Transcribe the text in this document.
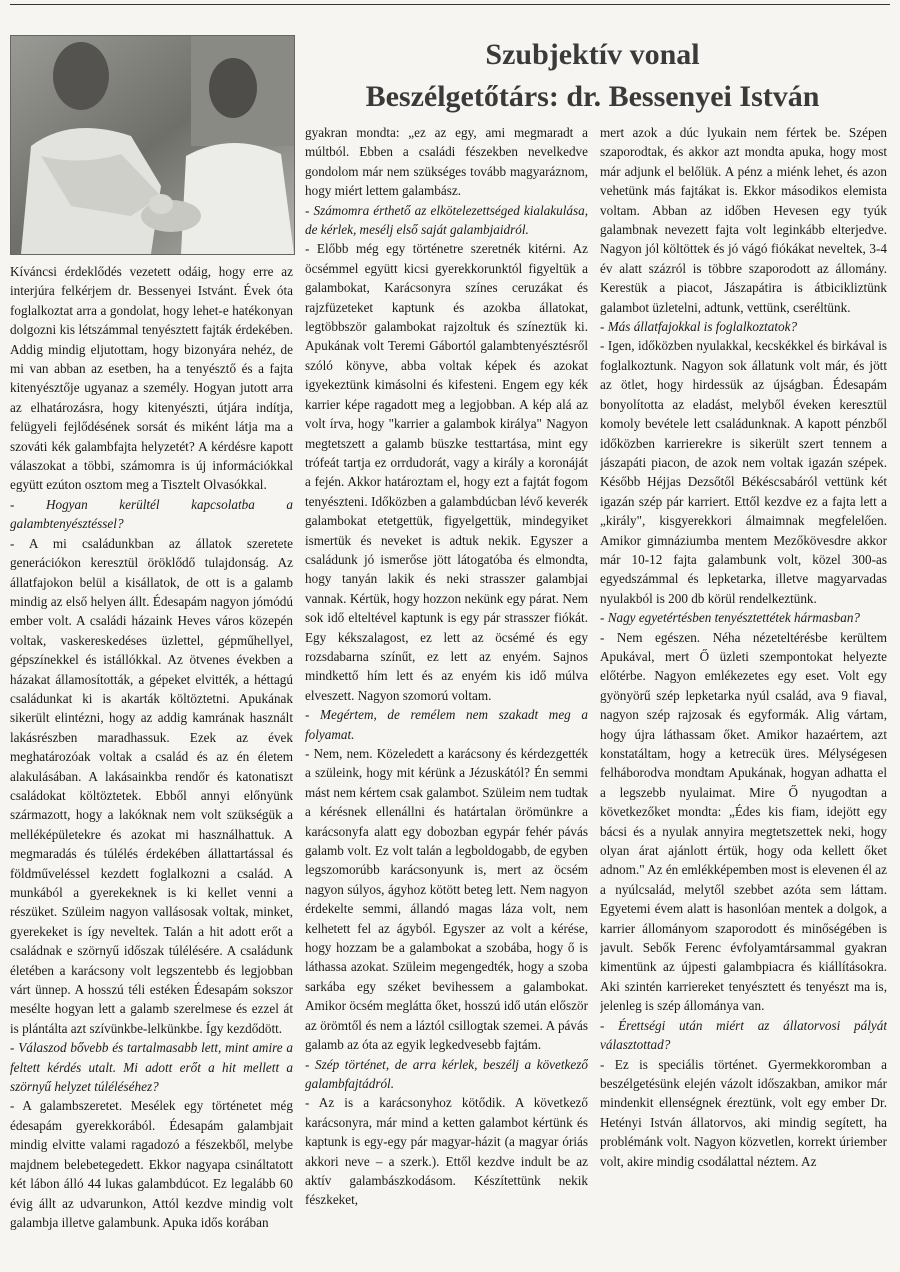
Szubjektív vonal
Beszélgetőtárs: dr. Bessenyei István

Kíváncsi érdeklődés vezetett odáig, hogy erre az interjúra felkérjem dr. Bessenyei Istvánt. Évek óta foglalkoztat arra a gondolat, hogy lehet-e hatékonyan dolgozni kis létszámmal tenyésztett fajták érdekében. Addig mindig eljutottam, hogy bizonyára nehéz, de mi van abban az esetben, ha a tenyésztő és a fajta kitenyésztője ugyanaz a személy. Hogyan jutott arra az elhatározásra, hogy kitenyészti, útjára indítja, felügyeli fejlődésének sorsát és miként látja ma a szováti kék galambfajta helyzetét? A kérdésre kapott válaszokat a többi, számomra is új információkkal együtt ezúton osztom meg a Tisztelt Olvasókkal.

- Hogyan kerültél kapcsolatba a galambtenyésztéssel?

- A mi családunkban az állatok szeretete generációkon keresztül öröklődő tulajdonság. Az állatfajokon belül a kisállatok, de ott is a galamb mindig az első helyen állt. Édesapám nagyon jómódú ember volt. A családi házaink Heves város közepén voltak, vaskereskedéses üzlettel, gépműhellyel, gépszínekkel és istállókkal. Az ötvenes években a házakat államosították, a gépeket elvitték, a héttagú családunkat ki is akarták költöztetni. Apukának sikerült elintézni, hogy az addig kamrának használt lakásrészben maradhassuk. Ezek az évek meghatározóak voltak a család és az én életem alakulásában. A lakásainkba rendőr és katonatiszt családokat költöztetek. Ebből annyi előnyünk származott, hogy a lakóknak nem volt szükségük a melléképületekre és azokat mi használhattuk. A megmaradás és túlélés érdekében állattartással és földműveléssel kezdett foglalkozni a család. A munkából a gyerekeknek is ki kellet venni a részüket. Szüleim nagyon vallásosak voltak, minket, gyerekeket is így neveltek. Talán a hit adott erőt a családnak e szörnyű időszak túlélésére. A családunk életében a karácsony volt legszentebb és legjobban várt ünnep. A hosszú téli estéken Édesapám sokszor mesélte hogyan lett a galamb szerelmese és ezzel át is plántálta azt szívünkbe-lelkünkbe. Így kezdődött.

- Válaszod bővebb és tartalmasabb lett, mint amire a feltett kérdés utalt. Mi adott erőt a hit mellett a szörnyű helyzet túléléséhez?

- A galambszeretet. Mesélek egy történetet még édesapám gyerekkorából. Édesapám galambjait mindig elvitte valami ragadozó a fészekből, melybe majdnem belebetegedett. Ekkor nagyapa csináltatott két lábon álló 44 lukas galambdúcot. Ez legalább 60 évig állt az udvarunkon, Attól kezdve mindig volt galambja illetve galambunk. Apuka idős korában

gyakran mondta: „ez az egy, ami megmaradt a múltból. Ebben a családi fészekben nevelkedve gondolom már nem szükséges tovább magyaráznom, hogy miért lettem galambász.

- Számomra érthető az elkötelezettséged kialakulása, de kérlek, mesélj első saját galambjaidról.

- Előbb még egy történetre szeretnék kitérni. Az öcsémmel együtt kicsi gyerekkorunktól figyeltük a galambokat, Karácsonyra színes ceruzákat és rajzfüzeteket kaptunk és azokba állatokat, legtöbbször galambokat rajzoltuk és színeztük ki. Apukának volt Teremi Gábortól galambtenyésztésről szóló könyve, abba voltak képek és azokat igyekeztünk kimásolni és kifesteni. Engem egy kék karrier képe ragadott meg a legjobban. A kép alá az volt írva, hogy "karrier a galambok királya" Nagyon megtetszett a galamb büszke testtartása, mint egy trófeát tartja ez orrdudorát, vagy a király a koronáját a fején. Akkor határoztam el, hogy ezt a fajtát fogom tenyészteni. Időközben a galambdúcban lévő keverék galambokat etetgettük, figyelgettük, mindegyiket ismertük és neveket is adtuk nekik. Egyszer a családunk jó ismerőse jött látogatóba és elmondta, hogy tanyán lakik és neki strasszer galambjai vannak. Kértük, hogy hozzon nekünk egy párat. Nem sok idő elteltével kaptunk is egy pár strasszer fiókát. Egy kékszalagost, ez lett az öcsémé és egy rozsdabarna színűt, ez lett az enyém. Sajnos mindkettő hím lett és az enyém kis idő múlva elveszett. Nagyon szomorú voltam.

- Megértem, de remélem nem szakadt meg a folyamat.

- Nem, nem. Közeledett a karácsony és kérdezgették a szüleink, hogy mit kérünk a Jézuskától? Én semmi mást nem kértem csak galambot. Szüleim nem tudtak a kérésnek ellenállni és határtalan örömünkre a karácsonyfa alatt egy dobozban egypár fehér pávás galamb volt. Ez volt talán a legboldogabb, de egyben legszomorúbb karácsonyunk is, mert az öcsém nagyon súlyos, ágyhoz kötött beteg lett. Nem nagyon érdekelte semmi, állandó magas láza volt, nem kelhetett fel az ágyból. Egyszer az volt a kérése, hogy hozzam be a galambokat a szobába, hogy ő is láthassa azokat. Szüleim megengedték, hogy a szoba sarkába egy széket bevihessem a galambokat. Amikor öcsém meglátta őket, hosszú idő után először az örömtől és nem a láztól csillogtak szemei. A pávás galamb az óta az egyik legkedvesebb fajtám.

- Szép történet, de arra kérlek, beszélj a következő galambfajtádról.

- Az is a karácsonyhoz kötődik. A következő karácsonyra, már mind a ketten galambot kértünk és kaptunk is egy-egy pár magyar-házit (a magyar óriás akkori neve – a szerk.). Ettől kezdve indult be az aktív galambászkodásom. Készítettünk nekik fészkeket,

mert azok a dúc lyukain nem fértek be. Szépen szaporodtak, és akkor azt mondta apuka, hogy most már adjunk el belőlük. A pénz a miénk lehet, és azon vehetünk más fajtákat is. Ekkor másodikos elemista voltam. Abban az időben Hevesen egy tyúk galambnak nevezett fajta volt leginkább elterjedve. Nagyon jól költöttek és jó vágó fiókákat neveltek, 3-4 év alatt százról is többre szaporodott az állomány. Kerestük a piacot, Jászapátira is átbicikliztünk galambot üzletelni, adtunk, vettünk, cseréltünk.

- Más állatfajokkal is foglalkoztatok?

- Igen, időközben nyulakkal, kecskékkel és birkával is foglalkoztunk. Nagyon sok állatunk volt már, és jött az ötlet, hogy hirdessük az újságban. Édesapám bonyolította az eladást, melyből éveken keresztül komoly bevétele lett családunknak. A kapott pénzből időközben karrierekre is sikerült szert tennem a jászapáti piacon, de azok nem voltak igazán szépek. Később Héjjas Dezsőtől Békéscsabáról vettünk két igazán szép pár karriert. Ettől kezdve ez a fajta lett a „király", kisgyerekkori álmaimnak megfelelően. Amikor gimnáziumba mentem Mezőkövesdre akkor már 10-12 fajta galambunk volt, közel 300-as egyedszámmal és lepketarka, illetve magyarvadas nyulakból is 200 db körül rendelkeztünk.

- Nagy egyetértésben tenyésztettétek hármasban?

- Nem egészen. Néha nézeteltérésbe kerültem Apukával, mert Ő üzleti szempontokat helyezte előtérbe. Nagyon emlékezetes egy eset. Volt egy gyönyörű szép lepketarka nyúl család, ava 9 fiaval, nagyon szép rajzosak és egyformák. Alig vártam, hogy újra láthassam őket. Amikor hazaértem, azt konstatáltam, hogy a ketrecük üres. Mélységesen felháborodva mondtam Apukának, hogyan adhatta el a legszebb nyulaimat. Mire Ő nyugodtan a következőket mondta: „Édes kis fiam, idejött egy bácsi és a nyulak annyira megtetszettek neki, hogy olyan árat ajánlott értük, hogy oda kellett őket adnom." Az én emlékképemben most is elevenen él az a nyúlcsalád, melytől szebbet azóta sem láttam. Egyetemi évem alatt is hasonlóan mentek a dolgok, a karrier állományom szaporodott és minőségében is javult. Sebők Ferenc évfolyamtársammal gyakran kimentünk az újpesti galambpiacra és kiállításokra. Aki szintén karriereket tenyésztett és tenyészt ma is, jelenleg is szép állománya van.

- Érettségi után miért az állatorvosi pályát választottad?

- Ez is speciális történet. Gyermekkoromban a beszélgetésünk elején vázolt időszakban, amikor már mindenkit ellenségnek éreztünk, volt egy ember Dr. Hetényi István állatorvos, aki mindig segített, ha problémánk volt. Nagyon közvetlen, korrekt úriember volt, akire mindig csodálattal néztem. Az
